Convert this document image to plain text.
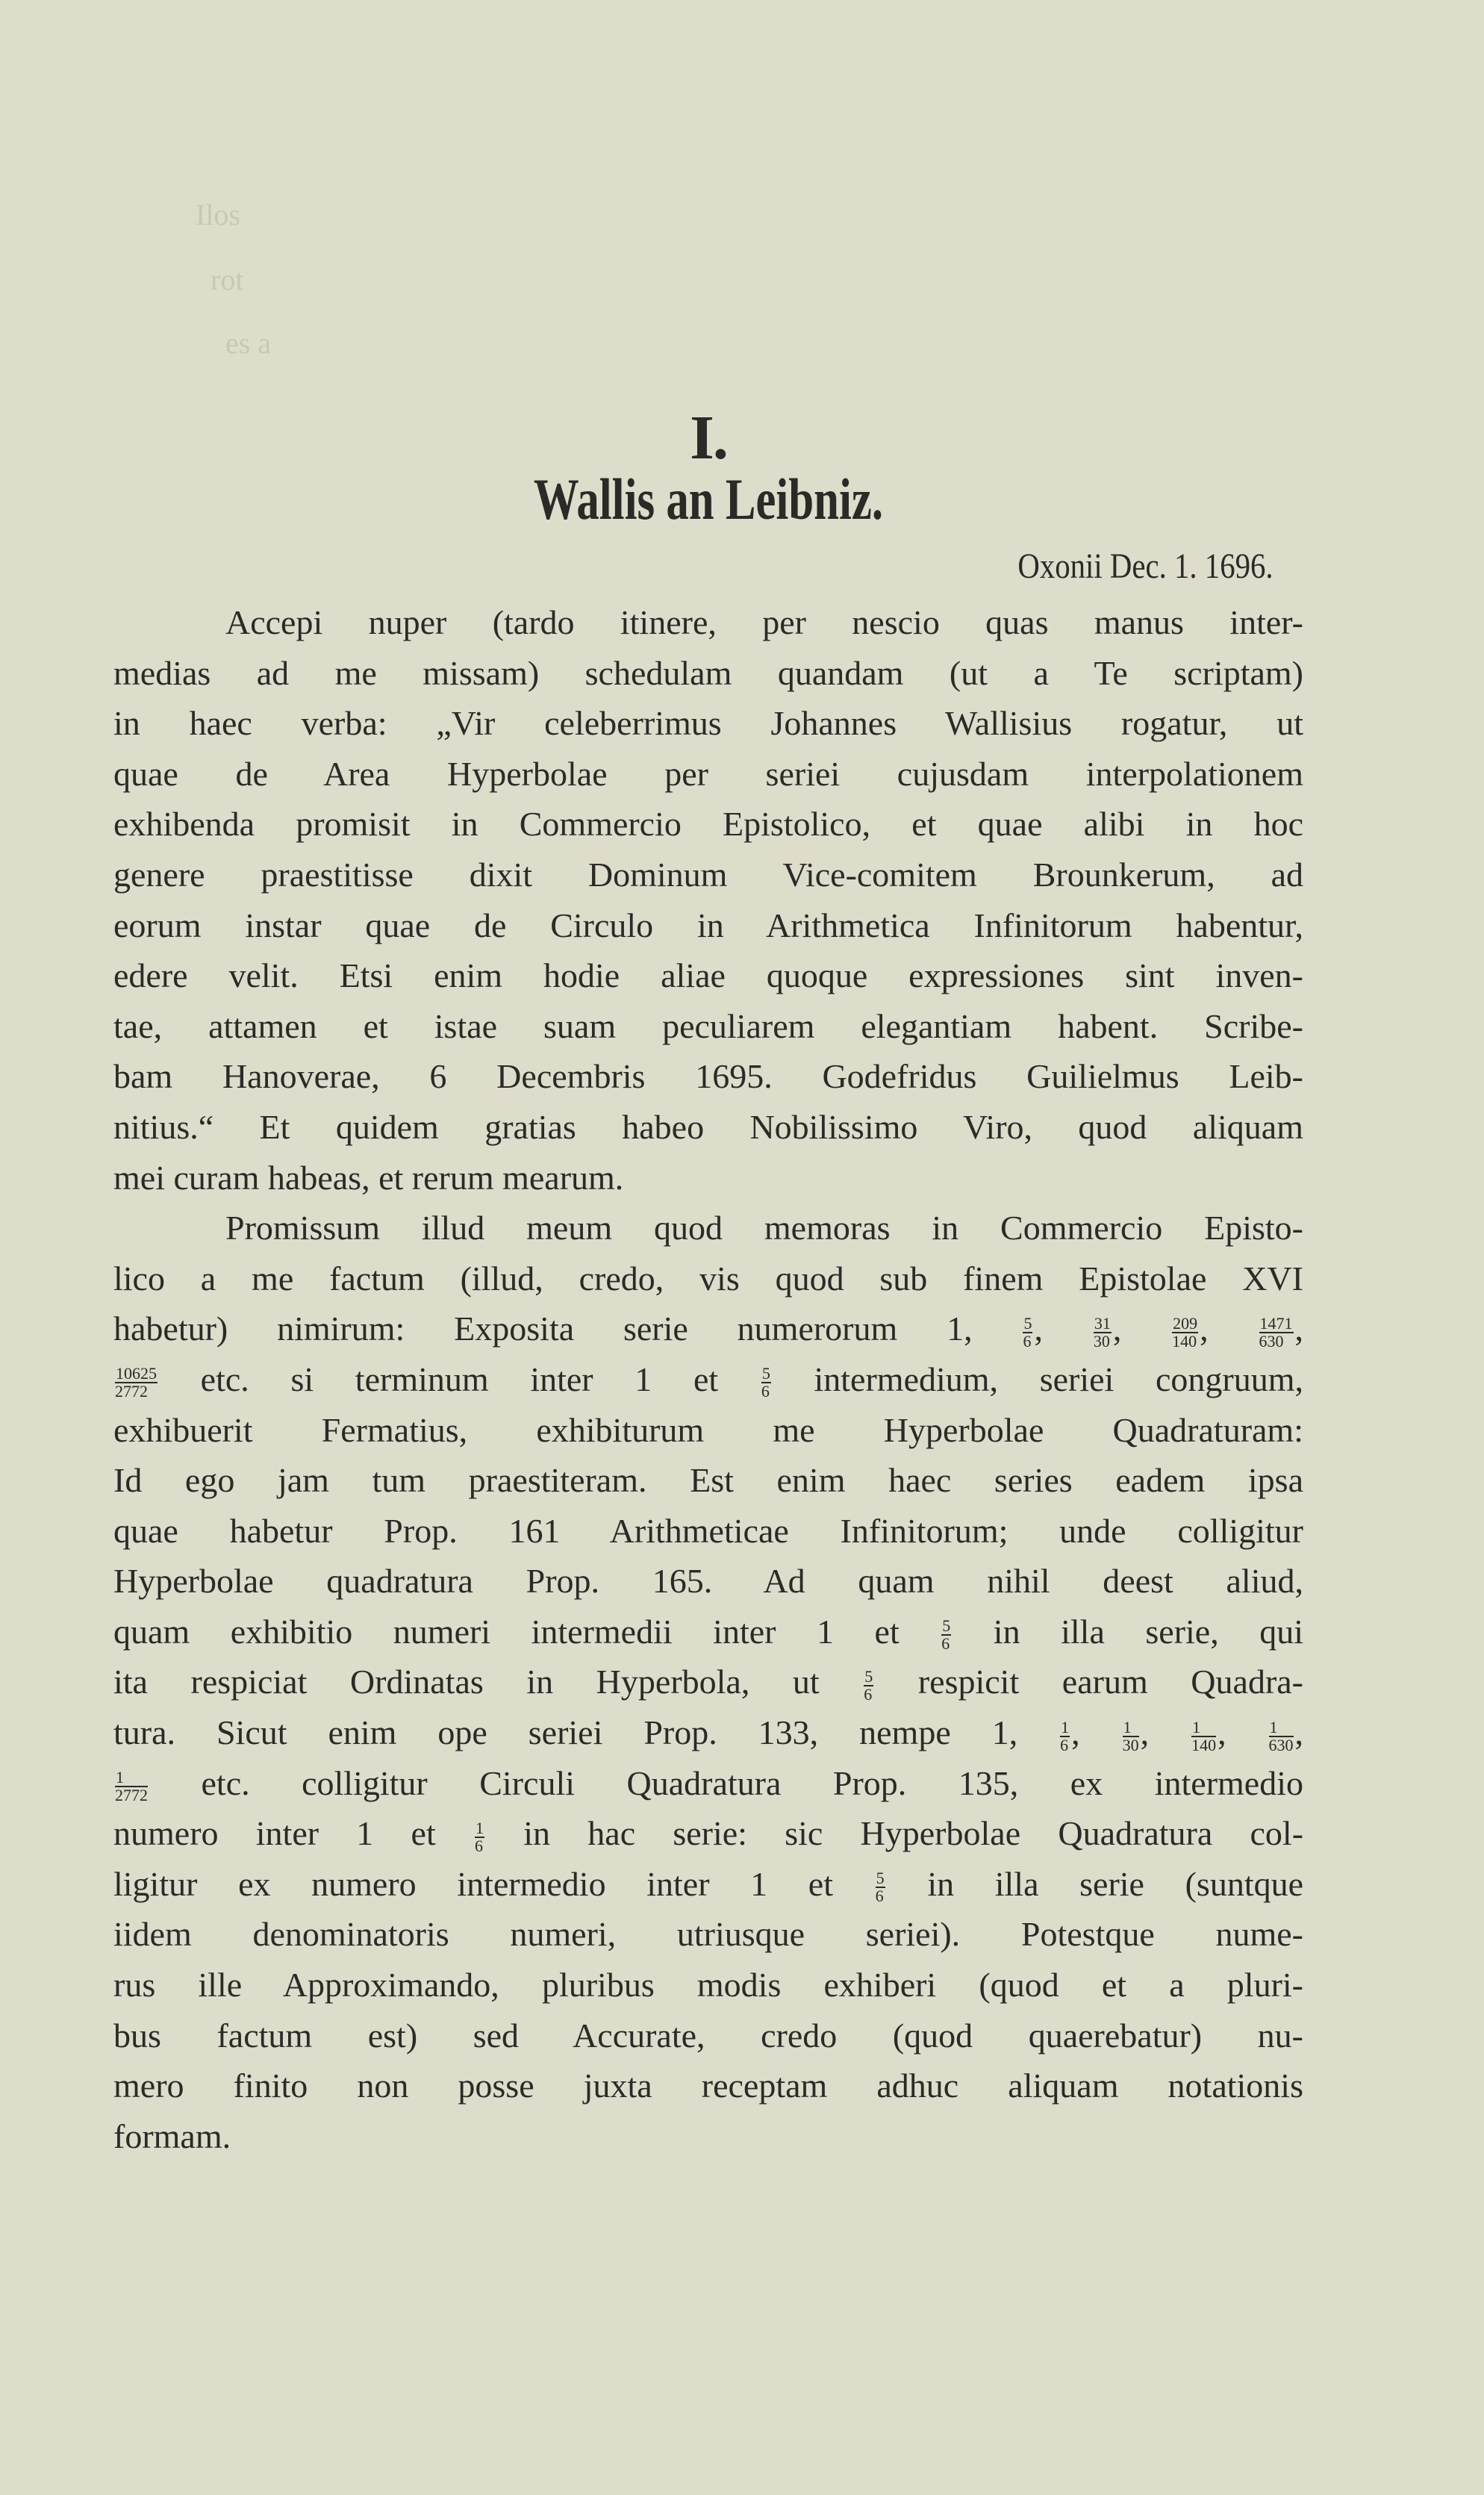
Ilos
rot
es a
I.
Wallis an Leibniz.
Oxonii Dec. 1. 1696.
Accepi nuper (tardo itinere, per nescio quas manus inter-
medias ad me missam) schedulam quandam (ut a Te scriptam)
in haec verba: „Vir celeberrimus Johannes Wallisius rogatur, ut
quae de Area Hyperbolae per seriei cujusdam interpolationem
exhibenda promisit in Commercio Epistolico, et quae alibi in hoc
genere praestitisse dixit Dominum Vice-comitem Brounkerum, ad
eorum instar quae de Circulo in Arithmetica Infinitorum habentur,
edere velit. Etsi enim hodie aliae quoque expressiones sint inven-
tae, attamen et istae suam peculiarem elegantiam habent. Scribe-
bam Hanoverae, 6 Decembris 1695. Godefridus Guilielmus Leib-
nitius.“ Et quidem gratias habeo Nobilissimo Viro, quod aliquam
mei curam habeas, et rerum mearum.
Promissum illud meum quod memoras in Commercio Episto-
lico a me factum (illud, credo, vis quod sub finem Epistolae XVI
habetur) nimirum: Exposita serie numerorum 1,	$\frac{5}{6}$ , $\frac{31}{30}$ , $\frac{209}{140}$ , $\frac{1471}{630}$ ,
$\frac{10625}{2772}$ etc. si terminum inter 1 et	$\frac{5}{6}$ intermedium, seriei congruum,
exhibuerit Fermatius, exhibiturum me Hyperbolae Quadraturam:
Id ego jam tum praestiteram. Est enim haec series eadem ipsa
quae habetur Prop. 161 Arithmeticae Infinitorum; unde colligitur
Hyperbolae quadratura Prop. 165. Ad quam nihil deest aliud,
quam exhibitio numeri intermedii inter 1 et	$\frac{5}{6}$ in illa serie, qui
ita respiciat Ordinatas in Hyperbola, ut	$\frac{5}{6}$ respicit earum Quadra-
tura. Sicut enim ope seriei Prop. 133, nempe 1,	$\frac{1}{6}$ , $\frac{1}{30}$ , $\frac{1}{140}$ , $\frac{1}{630}$ ,
$\frac{1}{2772}$ etc. colligitur Circuli Quadratura Prop. 135, ex intermedio
numero inter 1 et $\frac{1}{6}$ in hac serie: sic Hyperbolae Quadratura col-
ligitur ex numero intermedio inter 1 et	$\frac{5}{6}$ in illa serie (suntque
iidem denominatoris numeri, utriusque seriei). Potestque nume-
rus ille Approximando, pluribus modis exhiberi (quod et a pluri-
bus factum est) sed Accurate, credo (quod quaerebatur) nu-
mero finito non posse juxta receptam adhuc aliquam notationis
formam.
